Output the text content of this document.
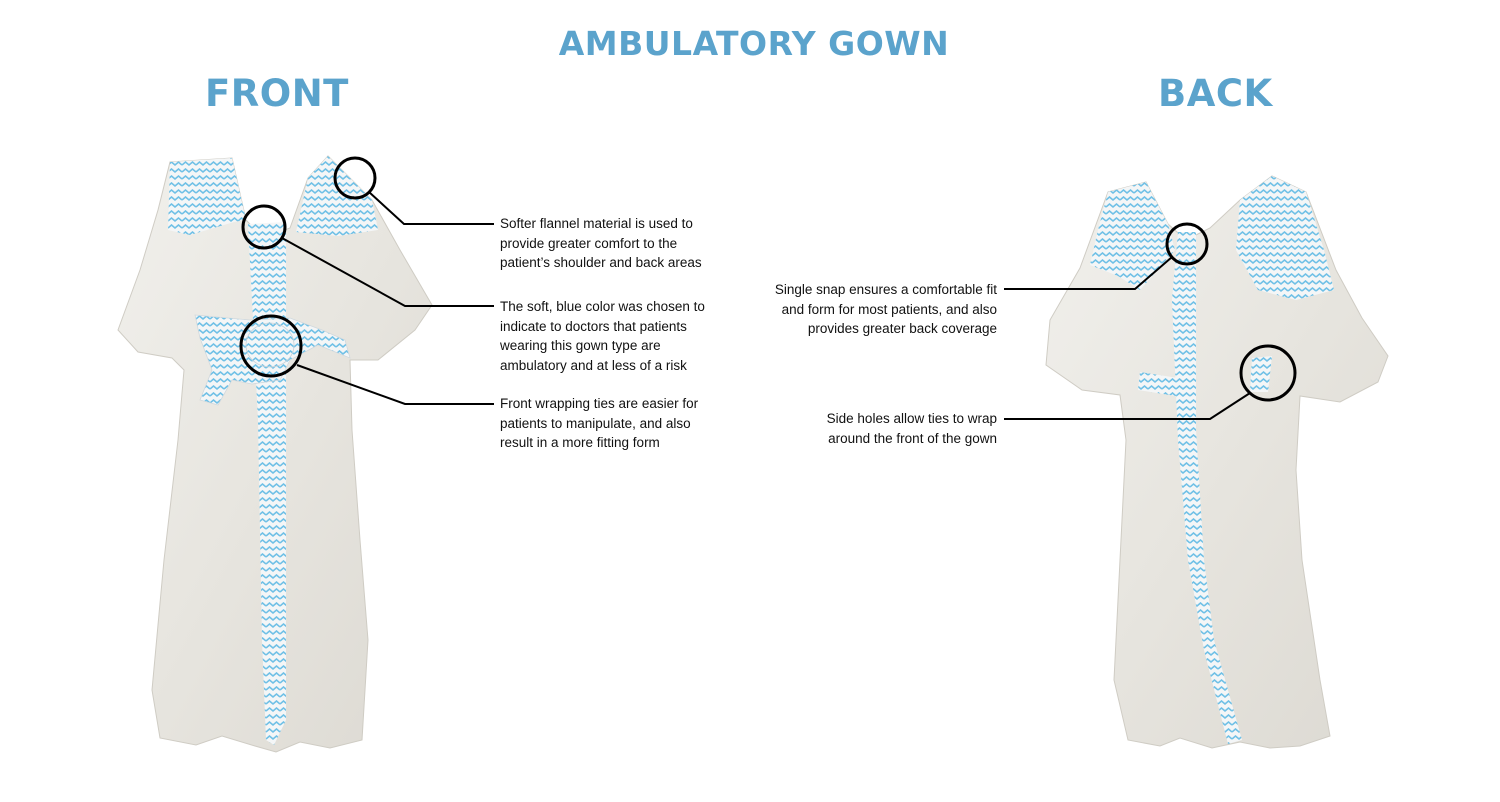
AMBULATORY GOWN
FRONT	BACK
Softer flannel material is used to
provide greater comfort to the
patient’s shoulder and back areas
The soft, blue color was chosen to
indicate to doctors that patients
wearing this gown type are
ambulatory and at less of a risk
Front wrapping ties are easier for
patients to manipulate, and also
result in a more fitting form
Single snap ensures a comfortable fit
and form for most patients, and also
provides greater back coverage
Side holes allow ties to wrap
around the front of the gown
